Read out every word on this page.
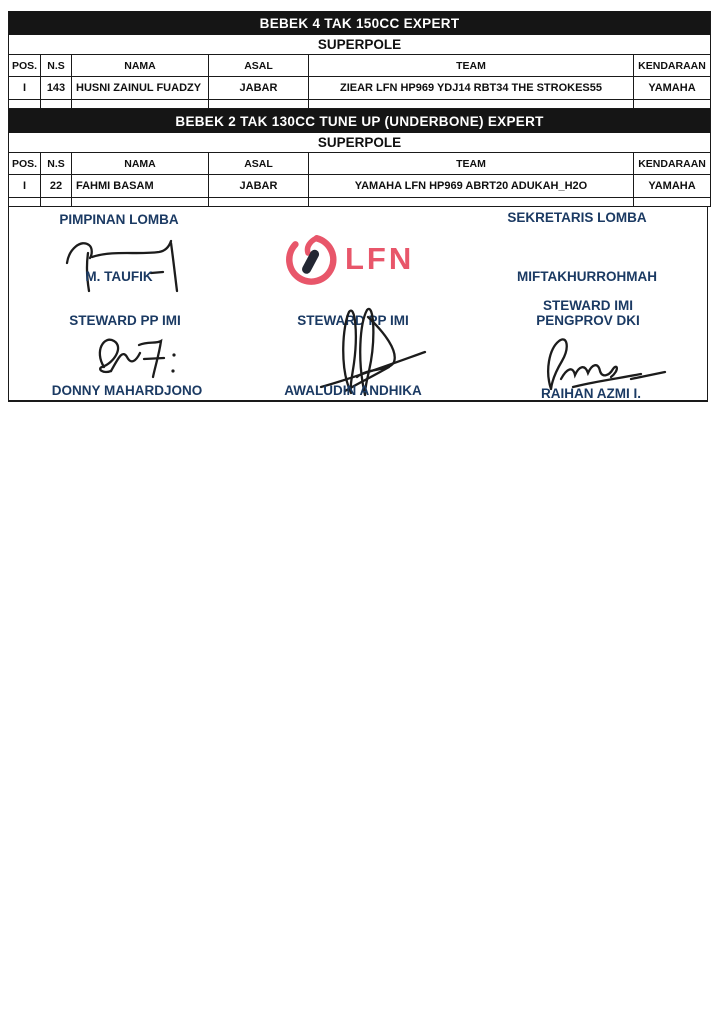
BEBEK 4 TAK 150CC EXPERT					
SUPERPOLE					
POS.	N.S	NAMA	ASAL	TEAM	KENDARAAN
I	143	HUSNI ZAINUL FUADZY	JABAR	ZIEAR LFN HP969 YDJ14 RBT34 THE STROKES55	YAMAHA

BEBEK 2 TAK 130CC TUNE UP (UNDERBONE) EXPERT					
SUPERPOLE					
POS.	N.S	NAMA	ASAL	TEAM	KENDARAAN
I	22	FAHMI BASAM	JABAR	YAMAHA LFN HP969 ABRT20 ADUKAH_H2O	YAMAHA

PIMPINAN LOMBA	SEKRETARIS LOMBA
M. TAUFIK
LFN
MIFTAKHURROHMAH
STEWARD PP IMI	STEWARD PP IMI
STEWARD IMI
PENGPROV DKI
DONNY MAHARDJONO	AWALUDIN ANDHIKA	RAIHAN AZMI I.
